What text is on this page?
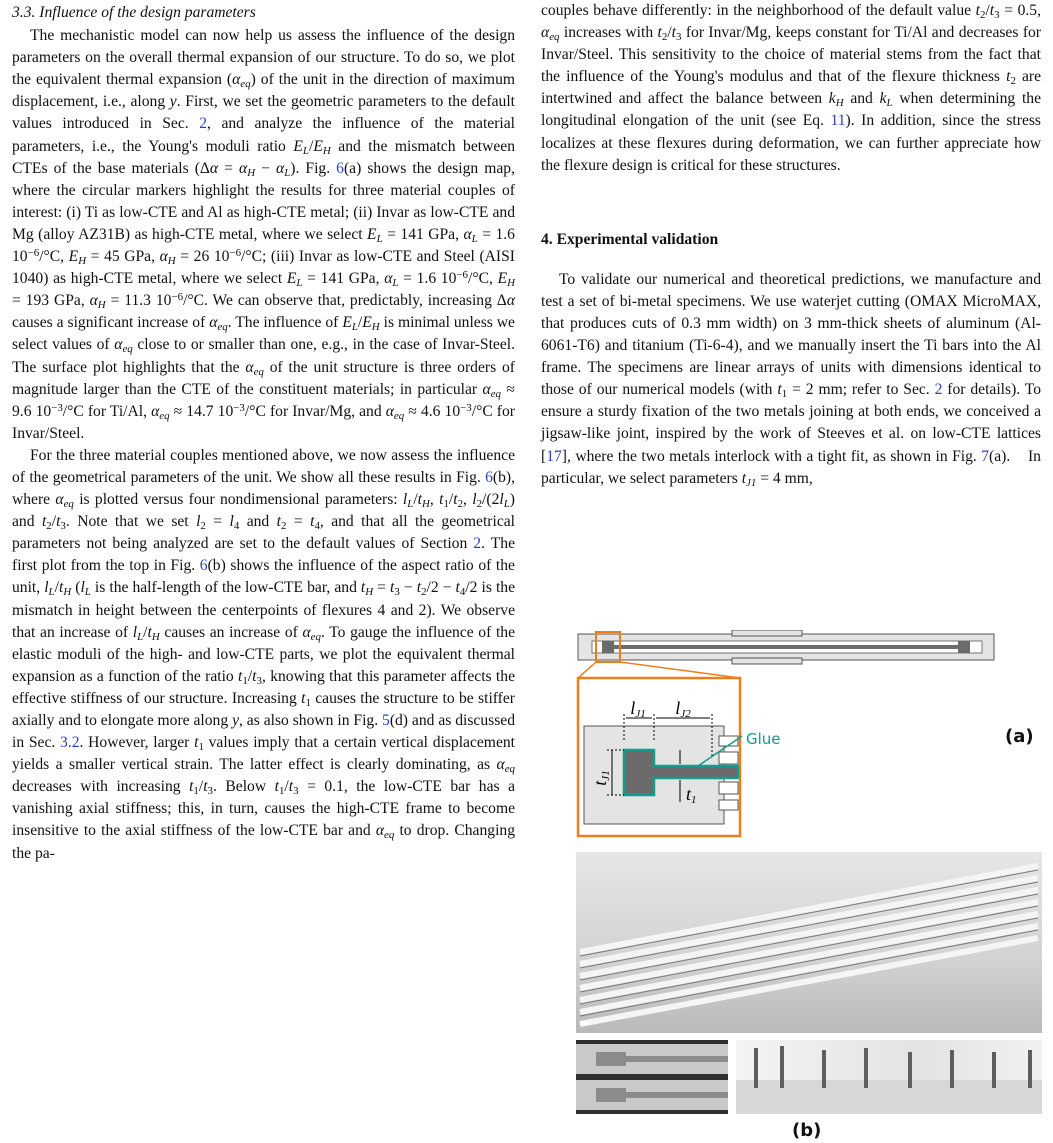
3.3. Influence of the design parameters

The mechanistic model can now help us assess the influence of the design parameters on the overall thermal expansion of our structure. To do so, we plot the equivalent thermal expansion $(\alpha_{eq})$ of the unit in the direction of maximum displacement, i.e., along y. First, we set the geometric parameters to the default values introduced in Sec. 2, and analyze the influence of the material parameters, i.e., the Young's moduli ratio $E_L/E_H$ and the mismatch between CTEs of the base materials $(\Delta\alpha = \alpha_H - \alpha_L)$. Fig. 6(a) shows the design map, where the circular markers highlight the results for three material couples of interest: (i) Ti as low-CTE and Al as high-CTE metal; (ii) Invar as low-CTE and Mg (alloy AZ31B) as high-CTE metal, where we select $E_L = 141$ GPa, $\alpha_L = 1.6$ $10^{-6}/^\circ C$, $E_H = 45$ GPa, $\alpha_H = 26$ $10^{-6}/^\circ C$; (iii) Invar as low-CTE and Steel (AISI 1040) as high-CTE metal, where we select $E_L = 141$ GPa, $\alpha_L = 1.6$ $10^{-6}/^\circ C$, $E_H = 193$ GPa, $\alpha_H = 11.3$ $10^{-6}/^\circ C$. We can observe that, predictably, increasing Δα causes a significant increase of $\alpha_{eq}$. The influence of $E_L/E_H$ is minimal unless we select values of $\alpha_{eq}$ close to or smaller than one, e.g., in the case of Invar-Steel. The surface plot highlights that the $\alpha_{eq}$ of the unit structure is three orders of magnitude larger than the CTE of the constituent materials; in particular $\alpha_{eq} \approx 9.6$ $10^{-3}/^\circ C$ for Ti/Al, $\alpha_{eq} \approx 14.7$ $10^{-3}/^\circ C$ for Invar/Mg, and $\alpha_{eq} \approx 4.6$ $10^{-3}/^\circ C$ for Invar/Steel.

For the three material couples mentioned above, we now assess the influence of the geometrical parameters of the unit. We show all these results in Fig. 6(b), where $\alpha_{eq}$ is plotted versus four nondimensional parameters: $l_L/t_H$, $t_1/t_2$, $l_2/(2l_L)$ and $t_2/t_3$. Note that we set $l_2 = l_4$ and $t_2 = t_4$, and that all the geometrical parameters not being analyzed are set to the default values of Section 2. The first plot from the top in Fig. 6(b) shows the influence of the aspect ratio of the unit, $l_L/t_H$ ($l_L$ is the half-length of the low-CTE bar, and $t_H = t_3 - t_2/2 - t_4/2$ is the mismatch in height between the centerpoints of flexures 4 and 2). We observe that an increase of $l_L/t_H$ causes an increase of $\alpha_{eq}$. To gauge the influence of the elastic moduli of the high- and low-CTE parts, we plot the equivalent thermal expansion as a function of the ratio $t_1/t_3$, knowing that this parameter affects the effective stiffness of our structure. Increasing $t_1$ causes the structure to be stiffer axially and to elongate more along y, as also shown in Fig. 5(d) and as discussed in Sec. 3.2. However, larger $t_1$ values imply that a certain vertical displacement yields a smaller vertical strain. The latter effect is clearly dominating, as $\alpha_{eq}$ decreases with increasing $t_1/t_3$. Below $t_1/t_3 = 0.1$, the low-CTE bar has a vanishing axial stiffness; this, in turn, causes the high-CTE frame to become insensitive to the axial stiffness of the low-CTE bar and $\alpha_{eq}$ to drop. Changing the pa-

couples behave differently: in the neighborhood of the default value $t_2/t_3 = 0.5$, $\alpha_{eq}$ increases with $t_2/t_3$ for Invar/Mg, keeps constant for Ti/Al and decreases for Invar/Steel. This sensitivity to the choice of material stems from the fact that the influence of the Young's modulus and that of the flexure thickness $t_2$ are intertwined and affect the balance between $k_H$ and $k_L$ when determining the longitudinal elongation of the unit (see Eq. 11). In addition, since the stress localizes at these flexures during deformation, we can further appreciate how the flexure design is critical for these structures.

4. Experimental validation

To validate our numerical and theoretical predictions, we manufacture and test a set of bi-metal specimens. We use waterjet cutting (OMAX MicroMAX, that produces cuts of 0.3 mm width) on 3 mm-thick sheets of aluminum (Al-6061-T6) and titanium (Ti-6-4), and we manually insert the Ti bars into the Al frame. The specimens are linear arrays of units with dimensions identical to those of our numerical models (with $t_1 = 2$ mm; refer to Sec. 2 for details). To ensure a sturdy fixation of the two metals joining at both ends, we conceived a jigsaw-like joint, inspired by the work of Steeves et al. on low-CTE lattices [17], where the two metals interlock with a tight fit, as shown in Fig. 7(a).    In particular, we select parameters $t_{J1} = 4$ mm,

lJ1 lJ2
tJ1
t1
Glue	(a)
(b)
